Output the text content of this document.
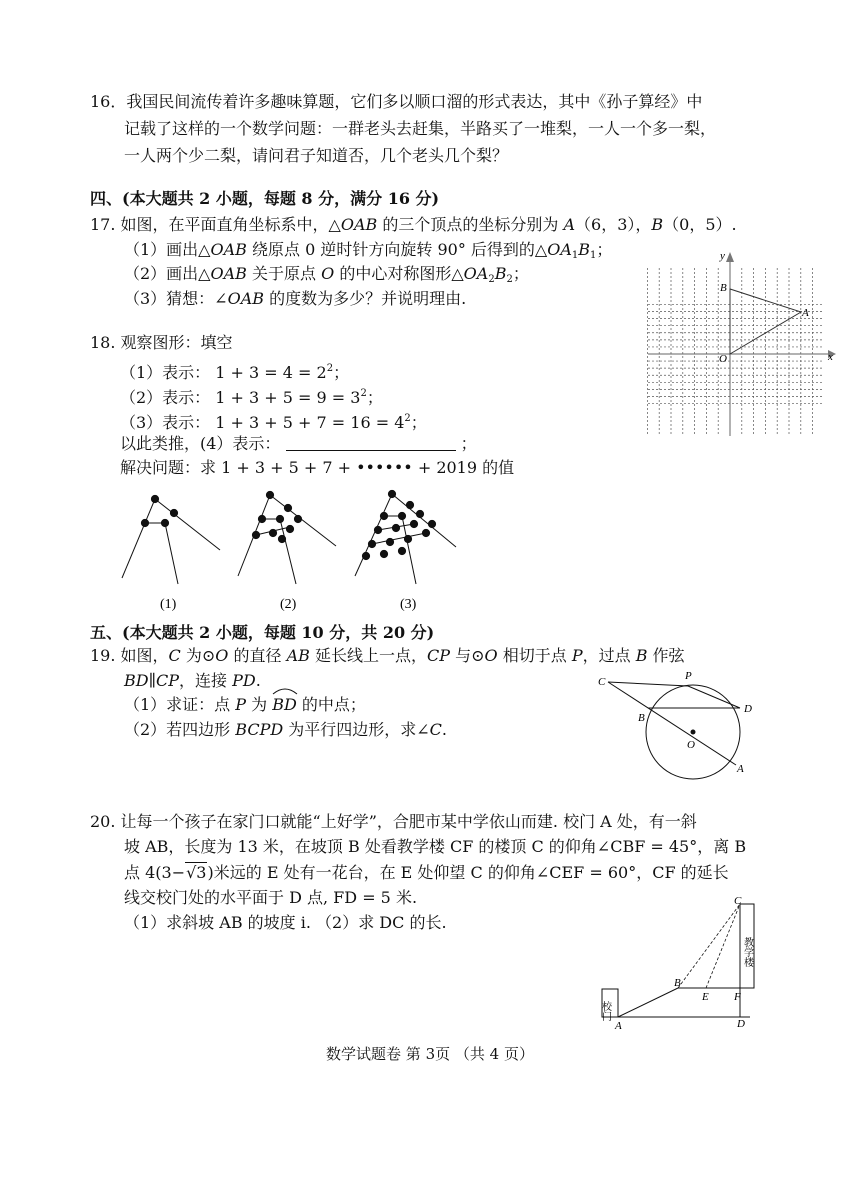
16．我国民间流传着许多趣味算题，它们多以顺口溜的形式表达，其中《孙子算经》中
记载了这样的一个数学问题：一群老头去赶集，半路买了一堆梨，一人一个多一梨，
一人两个少二梨，请问君子知道否，几个老头几个梨？
四、(本大题共 2 小题，每题 8 分，满分 16 分)
17. 如图，在平面直角坐标系中，△OAB 的三个顶点的坐标分别为 A（6，3），B（0，5）.
（1）画出△OAB 绕原点 0 逆时针方向旋转 90° 后得到的$\triangle OA_1B_1$；
（2）画出△OAB 关于原点 O 的中心对称图形$\triangle OA_2B_2$；
（3）猜想：∠OAB 的度数为多少？并说明理由.
x
y
O
A
B
18. 观察图形：填空
（1）表示： $1 + 3 = 4 = 2^2$；
（2）表示： $1 + 3 + 5 = 9 = 3^2$；
（3）表示： $1 + 3 + 5 + 7 = 16 = 4^2$；
以此类推，(4）表示：	；
解决问题：求 1 + 3 + 5 + 7 + •••••• + 2019 的值
(1)	(2)	(3)
五、(本大题共 2 小题，每题 10 分，共 20 分)
19. 如图，C 为⊙O 的直径 AB 延长线上一点，CP 与⊙O 相切于点 P，过点 B 作弦
BD∥CP，连接 PD.
（1）求证：点 P 为
BD 的中点；
（2）若四边形 BCPD 为平行四边形，求∠C.
C	P
B
D
O
A
20. 让每一个孩子在家门口就能“上好学”，合肥市某中学依山而建. 校门 A 处，有一斜
坡 AB，长度为 13 米，在坡顶 B 处看教学楼 CF 的楼顶 C 的仰角∠CBF = 45°，离 B
点 4(3−√3)米远的 E 处有一花台，在 E 处仰望 C 的仰角∠CEF = 60°，CF 的延长
线交校门处的水平面于 D 点, FD = 5 米.
（1）求斜坡 AB 的坡度 i. （2）求 DC 的长.
校门
教学楼
C
B
E F
A	D
数学试题卷 第 3页 （共 4 页）
